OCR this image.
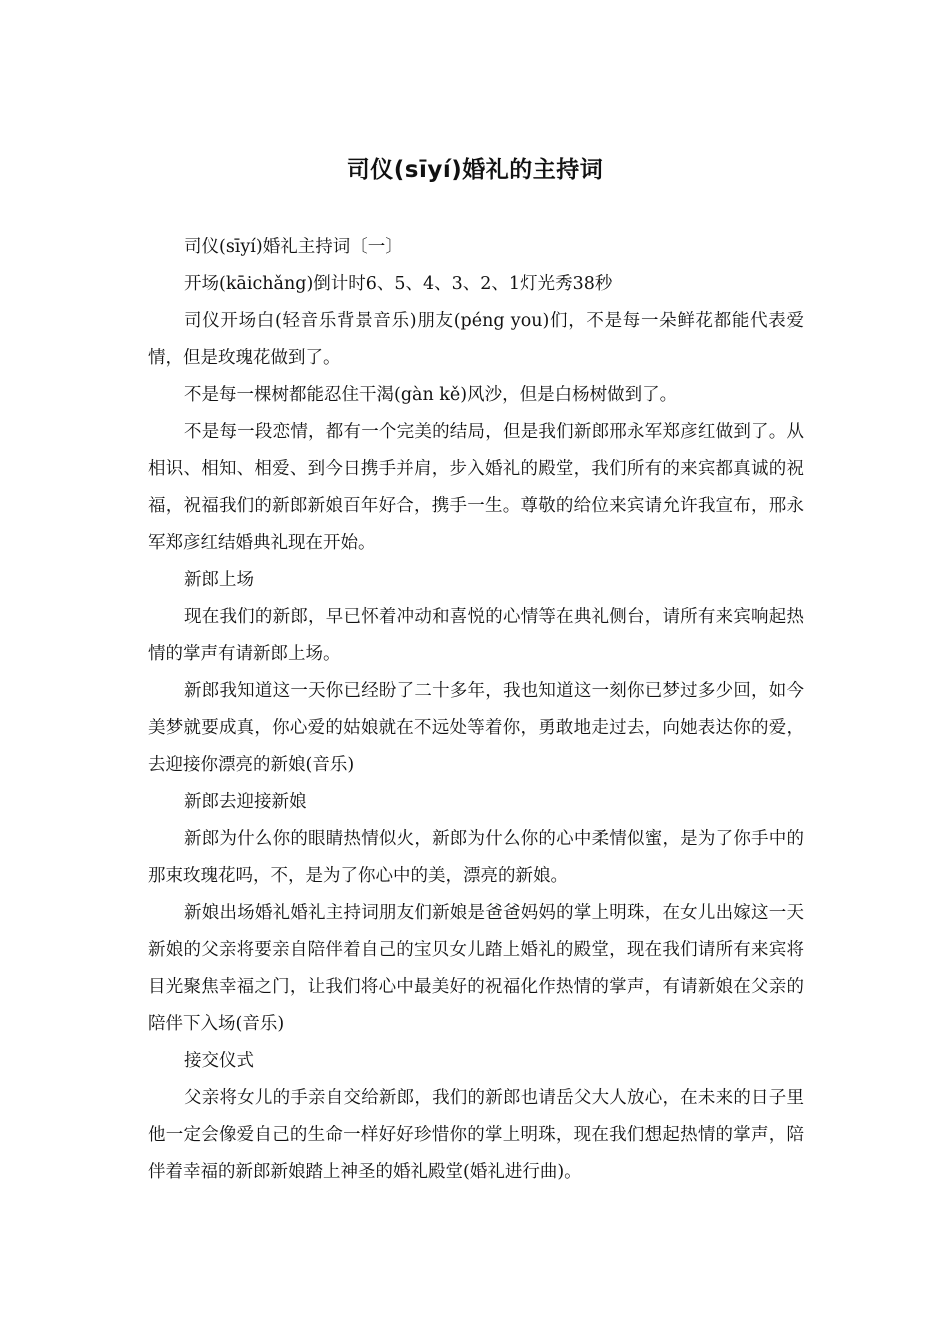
司仪(sīyí)婚礼的主持词

司仪(sīyí)婚礼主持词〔一〕

开场(kāichǎng)倒计时6、5、4、3、2、1灯光秀38秒

司仪开场白(轻音乐背景音乐)朋友(péng you)们，不是每一朵鲜花都能代表爱情，但是玫瑰花做到了。

不是每一棵树都能忍住干渴(gàn kě)风沙，但是白杨树做到了。

不是每一段恋情，都有一个完美的结局，但是我们新郎邢永军郑彦红做到了。从相识、相知、相爱、到今日携手并肩，步入婚礼的殿堂，我们所有的来宾都真诚的祝福，祝福我们的新郎新娘百年好合，携手一生。尊敬的给位来宾请允许我宣布，邢永军郑彦红结婚典礼现在开始。

新郎上场

现在我们的新郎，早已怀着冲动和喜悦的心情等在典礼侧台，请所有来宾响起热情的掌声有请新郎上场。

新郎我知道这一天你已经盼了二十多年，我也知道这一刻你已梦过多少回，如今美梦就要成真，你心爱的姑娘就在不远处等着你，勇敢地走过去，向她表达你的爱，去迎接你漂亮的新娘(音乐)

新郎去迎接新娘

新郎为什么你的眼睛热情似火，新郎为什么你的心中柔情似蜜，是为了你手中的那束玫瑰花吗，不，是为了你心中的美，漂亮的新娘。

新娘出场婚礼婚礼主持词朋友们新娘是爸爸妈妈的掌上明珠，在女儿出嫁这一天新娘的父亲将要亲自陪伴着自己的宝贝女儿踏上婚礼的殿堂，现在我们请所有来宾将目光聚焦幸福之门，让我们将心中最美好的祝福化作热情的掌声，有请新娘在父亲的陪伴下入场(音乐)

接交仪式

父亲将女儿的手亲自交给新郎，我们的新郎也请岳父大人放心，在未来的日子里他一定会像爱自己的生命一样好好珍惜你的掌上明珠，现在我们想起热情的掌声，陪伴着幸福的新郎新娘踏上神圣的婚礼殿堂(婚礼进行曲)。
